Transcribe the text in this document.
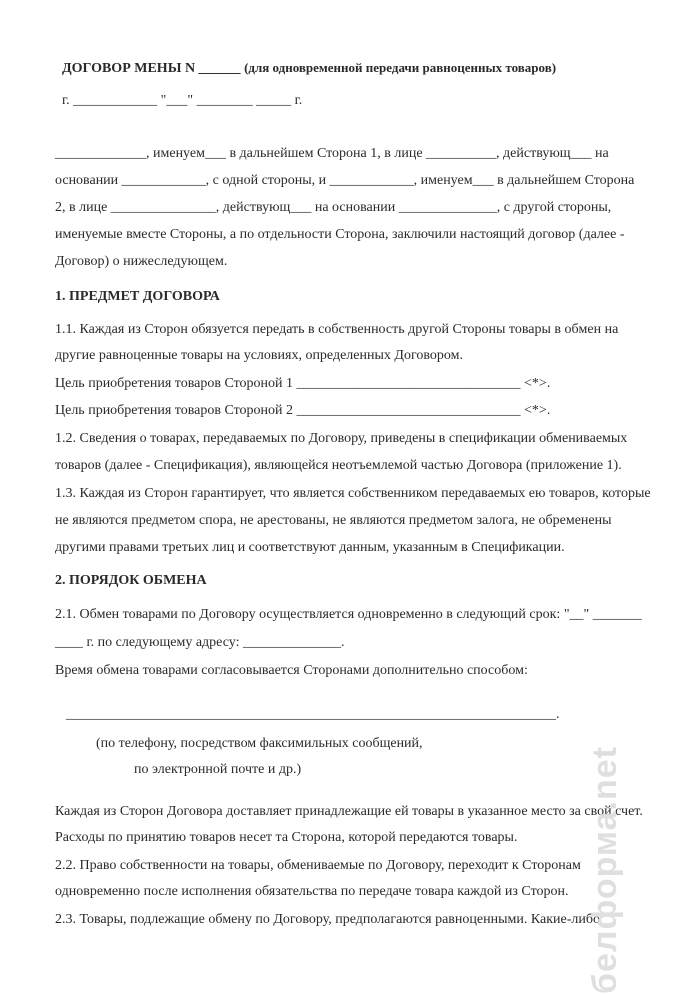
ДОГОВОР МЕНЫ N ______ (для одновременной передачи равноценных товаров)
г. ____________ "___" ________ _____ г.
_____________, именуем___ в дальнейшем Сторона 1, в лице __________, действующ___ на
основании ____________, с одной стороны, и ____________, именуем___ в дальнейшем Сторона
2, в лице _______________, действующ___ на основании ______________, с другой стороны,
именуемые вместе Стороны, а по отдельности Сторона, заключили настоящий договор (далее -
Договор) о нижеследующем.
1. ПРЕДМЕТ ДОГОВОРА
1.1. Каждая из Сторон обязуется передать в собственность другой Стороны товары в обмен на
другие равноценные товары на условиях, определенных Договором.
Цель приобретения товаров Стороной 1 ________________________________ <*>.
Цель приобретения товаров Стороной 2 ________________________________ <*>.
1.2. Сведения о товарах, передаваемых по Договору, приведены в спецификации обмениваемых
товаров (далее - Спецификация), являющейся неотъемлемой частью Договора (приложение 1).
1.3. Каждая из Сторон гарантирует, что является собственником передаваемых ею товаров, которые
не являются предметом спора, не арестованы, не являются предметом залога, не обременены
другими правами третьих лиц и соответствуют данным, указанным в Спецификации.
2. ПОРЯДОК ОБМЕНА
2.1. Обмен товарами по Договору осуществляется одновременно в следующий срок: "__" _______
____ г. по следующему адресу: ______________.
Время обмена товарами согласовывается Сторонами дополнительно способом:
______________________________________________________________________.
(по телефону, посредством факсимильных сообщений,
по электронной почте и др.)
Каждая из Сторон Договора доставляет принадлежащие ей товары в указанное место за свой счет.
Расходы по принятию товаров несет та Сторона, которой передаются товары.
2.2. Право собственности на товары, обмениваемые по Договору, переходит к Сторонам
одновременно после исполнения обязательства по передаче товара каждой из Сторон.
2.3. Товары, подлежащие обмену по Договору, предполагаются равноценными. Какие-либо
белформа.net
